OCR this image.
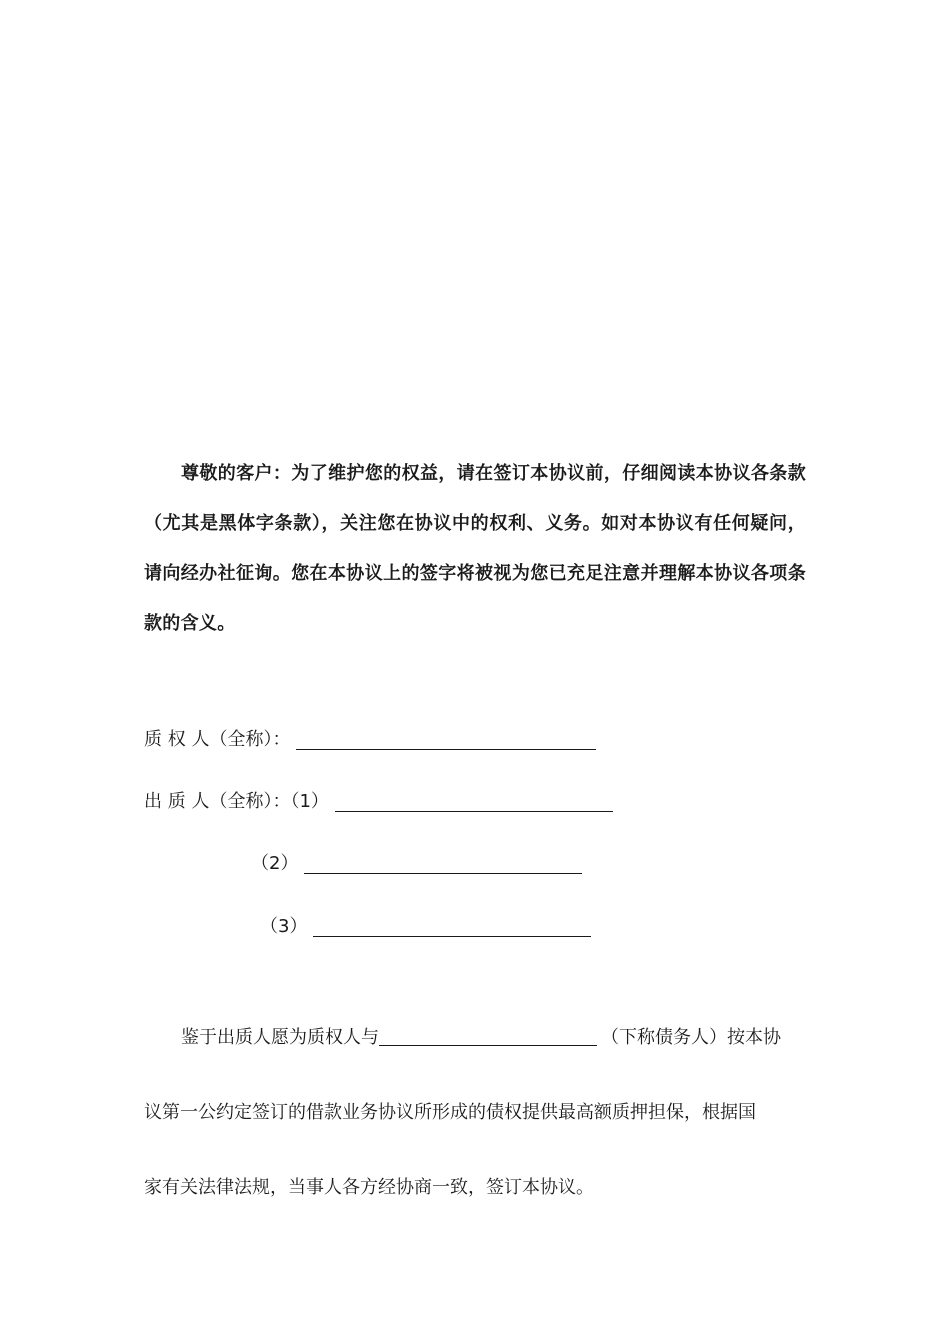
尊敬的客户：为了维护您的权益，请在签订本协议前，仔细阅读本协议各条款（尤其是黑体字条款），关注您在协议中的权利、义务。如对本协议有任何疑问，请向经办社征询。您在本协议上的签字将被视为您已充足注意并理解本协议各项条款的含义。

质 权 人（全称）：
出 质 人（全称）：（1）
（2）
（3）
鉴于出质人愿为质权人与	（下称债务人）按本协
议第一公约定签订的借款业务协议所形成的债权提供最高额质押担保，根据国
家有关法律法规，当事人各方经协商一致，签订本协议。
